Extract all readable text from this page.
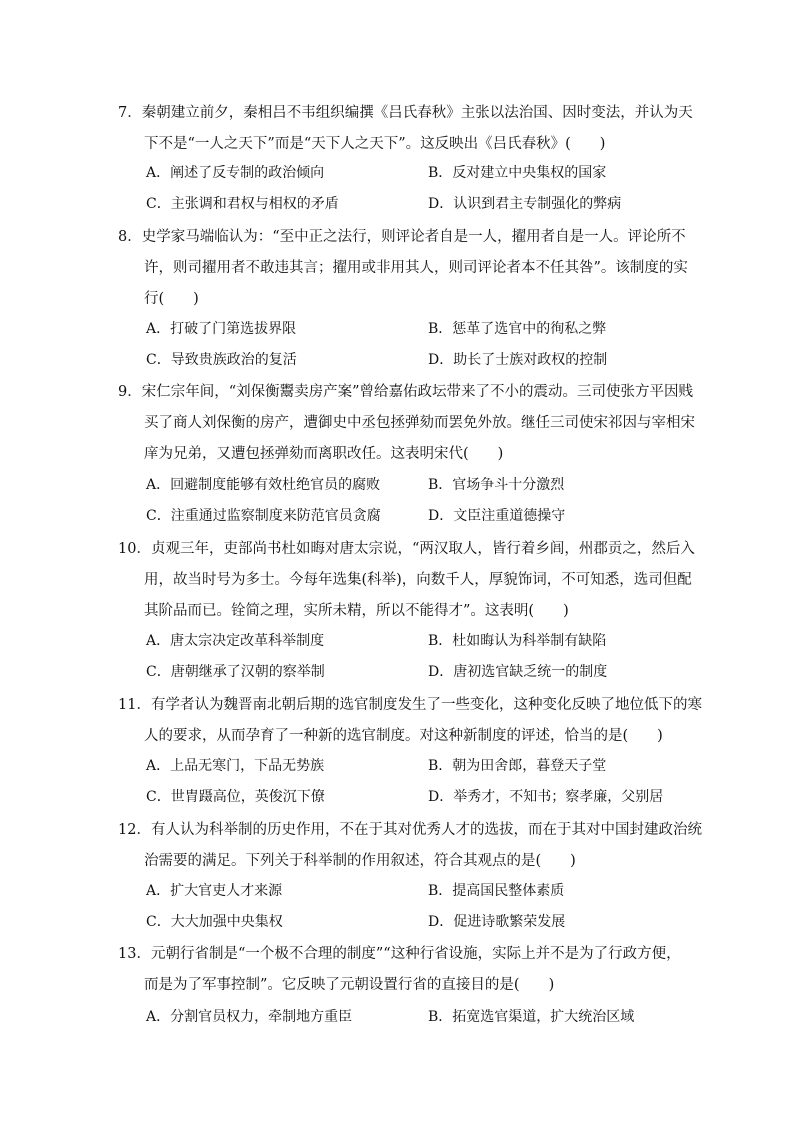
7．秦朝建立前夕，秦相吕不韦组织编撰《吕氏春秋》主张以法治国、因时变法，并认为天
下不是“一人之天下”而是“天下人之天下”。这反映出《吕氏春秋》(　　)
A．阐述了反专制的政治倾向	B．反对建立中央集权的国家
C．主张调和君权与相权的矛盾	D．认识到君主专制强化的弊病
8．史学家马端临认为：“至中正之法行，则评论者自是一人，擢用者自是一人。评论所不
许，则司擢用者不敢违其言；擢用或非用其人，则司评论者本不任其咎”。该制度的实
行(　　)
A．打破了门第选拔界限	B．惩革了选官中的徇私之弊
C．导致贵族政治的复活	D．助长了士族对政权的控制
9．宋仁宗年间，“刘保衡鬻卖房产案”曾给嘉佑政坛带来了不小的震动。三司使张方平因贱
买了商人刘保衡的房产，遭御史中丞包拯弹劾而罢免外放。继任三司使宋祁因与宰相宋
庠为兄弟，又遭包拯弹劾而离职改任。这表明宋代(　　)
A．回避制度能够有效杜绝官员的腐败	B．官场争斗十分激烈
C．注重通过监察制度来防范官员贪腐	D．文臣注重道德操守
10．贞观三年，吏部尚书杜如晦对唐太宗说，“两汉取人，皆行着乡闾，州郡贡之，然后入
用，故当时号为多士。今每年选集(科举)，向数千人，厚貌饰词，不可知悉，选司但配
其阶品而已。铨简之理，实所未精，所以不能得才”。这表明(　　)
A．唐太宗决定改革科举制度	B．杜如晦认为科举制有缺陷
C．唐朝继承了汉朝的察举制	D．唐初选官缺乏统一的制度
11．有学者认为魏晋南北朝后期的选官制度发生了一些变化，这种变化反映了地位低下的寒
人的要求，从而孕育了一种新的选官制度。对这种新制度的评述，恰当的是(　　)
A．上品无寒门，下品无势族	B．朝为田舍郎，暮登天子堂
C．世胄蹑高位，英俊沉下僚	D．举秀才，不知书；察孝廉，父别居
12．有人认为科举制的历史作用，不在于其对优秀人才的选拔，而在于其对中国封建政治统
治需要的满足。下列关于科举制的作用叙述，符合其观点的是(　　)
A．扩大官吏人才来源	B．提高国民整体素质
C．大大加强中央集权	D．促进诗歌繁荣发展
13．元朝行省制是“一个极不合理的制度”“这种行省设施，实际上并不是为了行政方便，
而是为了军事控制”。它反映了元朝设置行省的直接目的是(　　)
A．分割官员权力，牵制地方重臣	B．拓宽选官渠道，扩大统治区域
